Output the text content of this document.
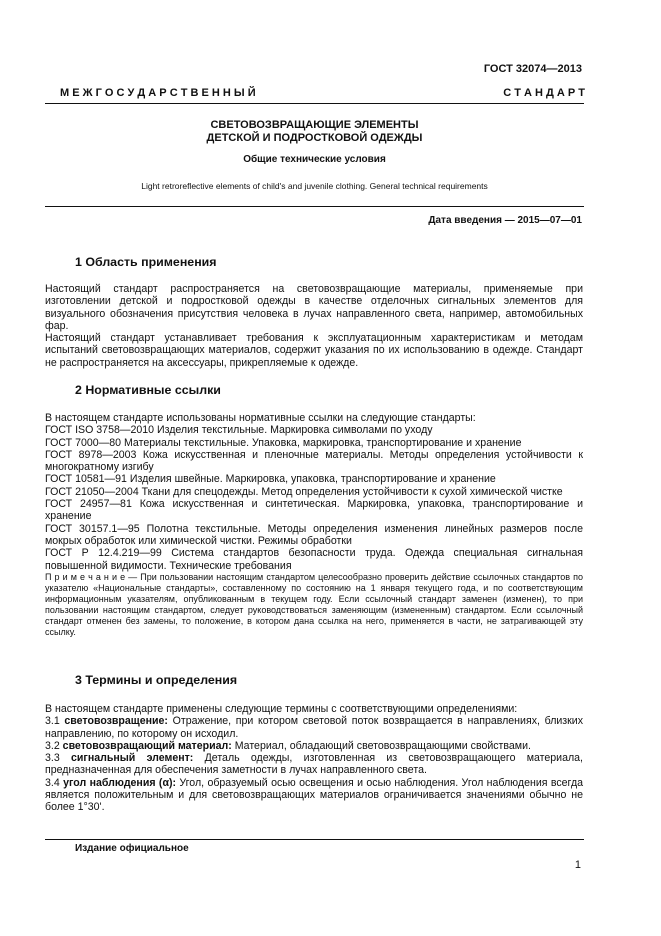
ГОСТ 32074—2013
М Е Ж Г О С У Д А Р С Т В Е Н Н Ы Й	С Т А Н Д А Р Т
СВЕТОВОЗВРАЩАЮЩИЕ ЭЛЕМЕНТЫ
ДЕТСКОЙ И ПОДРОСТКОВОЙ ОДЕЖДЫ
Общие технические условия
Light retroreflective elements of child's and juvenile clothing. General technical requirements
Дата введения — 2015—07—01
1 Область применения

Настоящий стандарт распространяется на световозвращающие материалы, применяемые при изготовлении детской и подростковой одежды в качестве отделочных сигнальных элементов для визуального обозначения присутствия человека в лучах направленного света, например, автомобильных фар.

Настоящий стандарт устанавливает требования к эксплуатационным характеристикам и методам испытаний световозвращающих материалов, содержит указания по их использованию в одежде. Стандарт не распространяется на аксессуары, прикрепляемые к одежде.

2 Нормативные ссылки

В настоящем стандарте использованы нормативные ссылки на следующие стандарты:

ГОСТ ISO 3758—2010 Изделия текстильные. Маркировка символами по уходу

ГОСТ 7000—80 Материалы текстильные. Упаковка, маркировка, транспортирование и хранение

ГОСТ 8978—2003 Кожа искусственная и пленочные материалы. Методы определения устойчивости к многократному изгибу

ГОСТ 10581—91 Изделия швейные. Маркировка, упаковка, транспортирование и хранение

ГОСТ 21050—2004 Ткани для спецодежды. Метод определения устойчивости к сухой химической чистке

ГОСТ 24957—81 Кожа искусственная и синтетическая. Маркировка, упаковка, транспортирование и хранение

ГОСТ 30157.1—95 Полотна текстильные. Методы определения изменения линейных размеров после мокрых обработок или химической чистки. Режимы обработки

ГОСТ Р 12.4.219—99 Система стандартов безопасности труда. Одежда специальная сигнальная повышенной видимости. Технические требования

П р и м е ч а н и е — При пользовании настоящим стандартом целесообразно проверить действие ссылочных стандартов по указателю «Национальные стандарты», составленному по состоянию на 1 января текущего года, и по соответствующим информационным указателям, опубликованным в текущем году. Если ссылочный стандарт заменен (изменен), то при пользовании настоящим стандартом, следует руководствоваться заменяющим (измененным) стандартом. Если ссылочный стандарт отменен без замены, то положение, в котором дана ссылка на него, применяется в части, не затрагивающей эту ссылку.

3 Термины и определения

В настоящем стандарте применены следующие термины с соответствующими определениями:

3.1 световозвращение: Отражение, при котором световой поток возвращается в направлениях, близких направлению, по которому он исходил.

3.2 световозвращающий материал: Материал, обладающий световозвращающими свойствами.

3.3 сигнальный элемент: Деталь одежды, изготовленная из световозвращающего материала, предназначенная для обеспечения заметности в лучах направленного света.

3.4 угол наблюдения (α): Угол, образуемый осью освещения и осью наблюдения. Угол наблюдения всегда является положительным и для световозвращающих материалов ограничивается значениями обычно не более 1°30'.

Издание официальное
1
